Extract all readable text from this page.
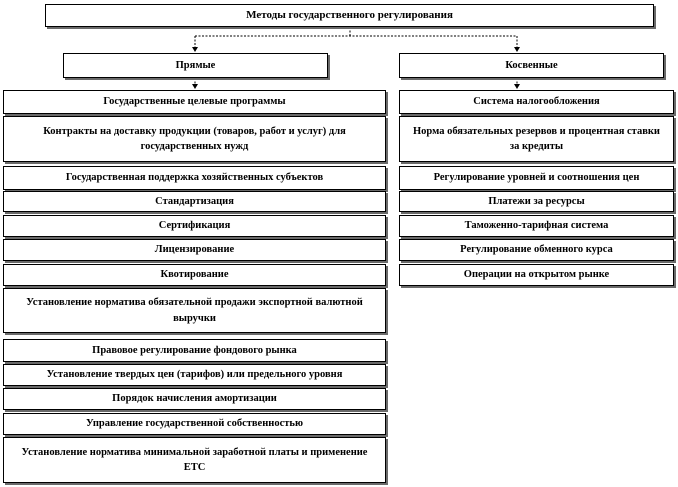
Методы государственного регулирования
Прямые	Косвенные
Государственные целевые программы
Контракты на доставку продукции (товаров, работ и услуг) для государственных нужд
Государственная поддержка хозяйственных субъектов
Стандартизация
Сертификация
Лицензирование
Квотирование
Установление норматива обязательной продажи экспортной валютной выручки
Правовое регулирование фондового рынка
Установление твердых цен (тарифов) или предельного уровня
Порядок начисления амортизации
Управление государственной собственностью
Установление норматива минимальной заработной платы и применение ЕТС
Система налогообложения
Норма обязательных резервов и процентная ставки за кредиты
Регулирование уровней и соотношения цен
Платежи за ресурсы
Таможенно-тарифная система
Регулирование обменного курса
Операции на открытом рынке
